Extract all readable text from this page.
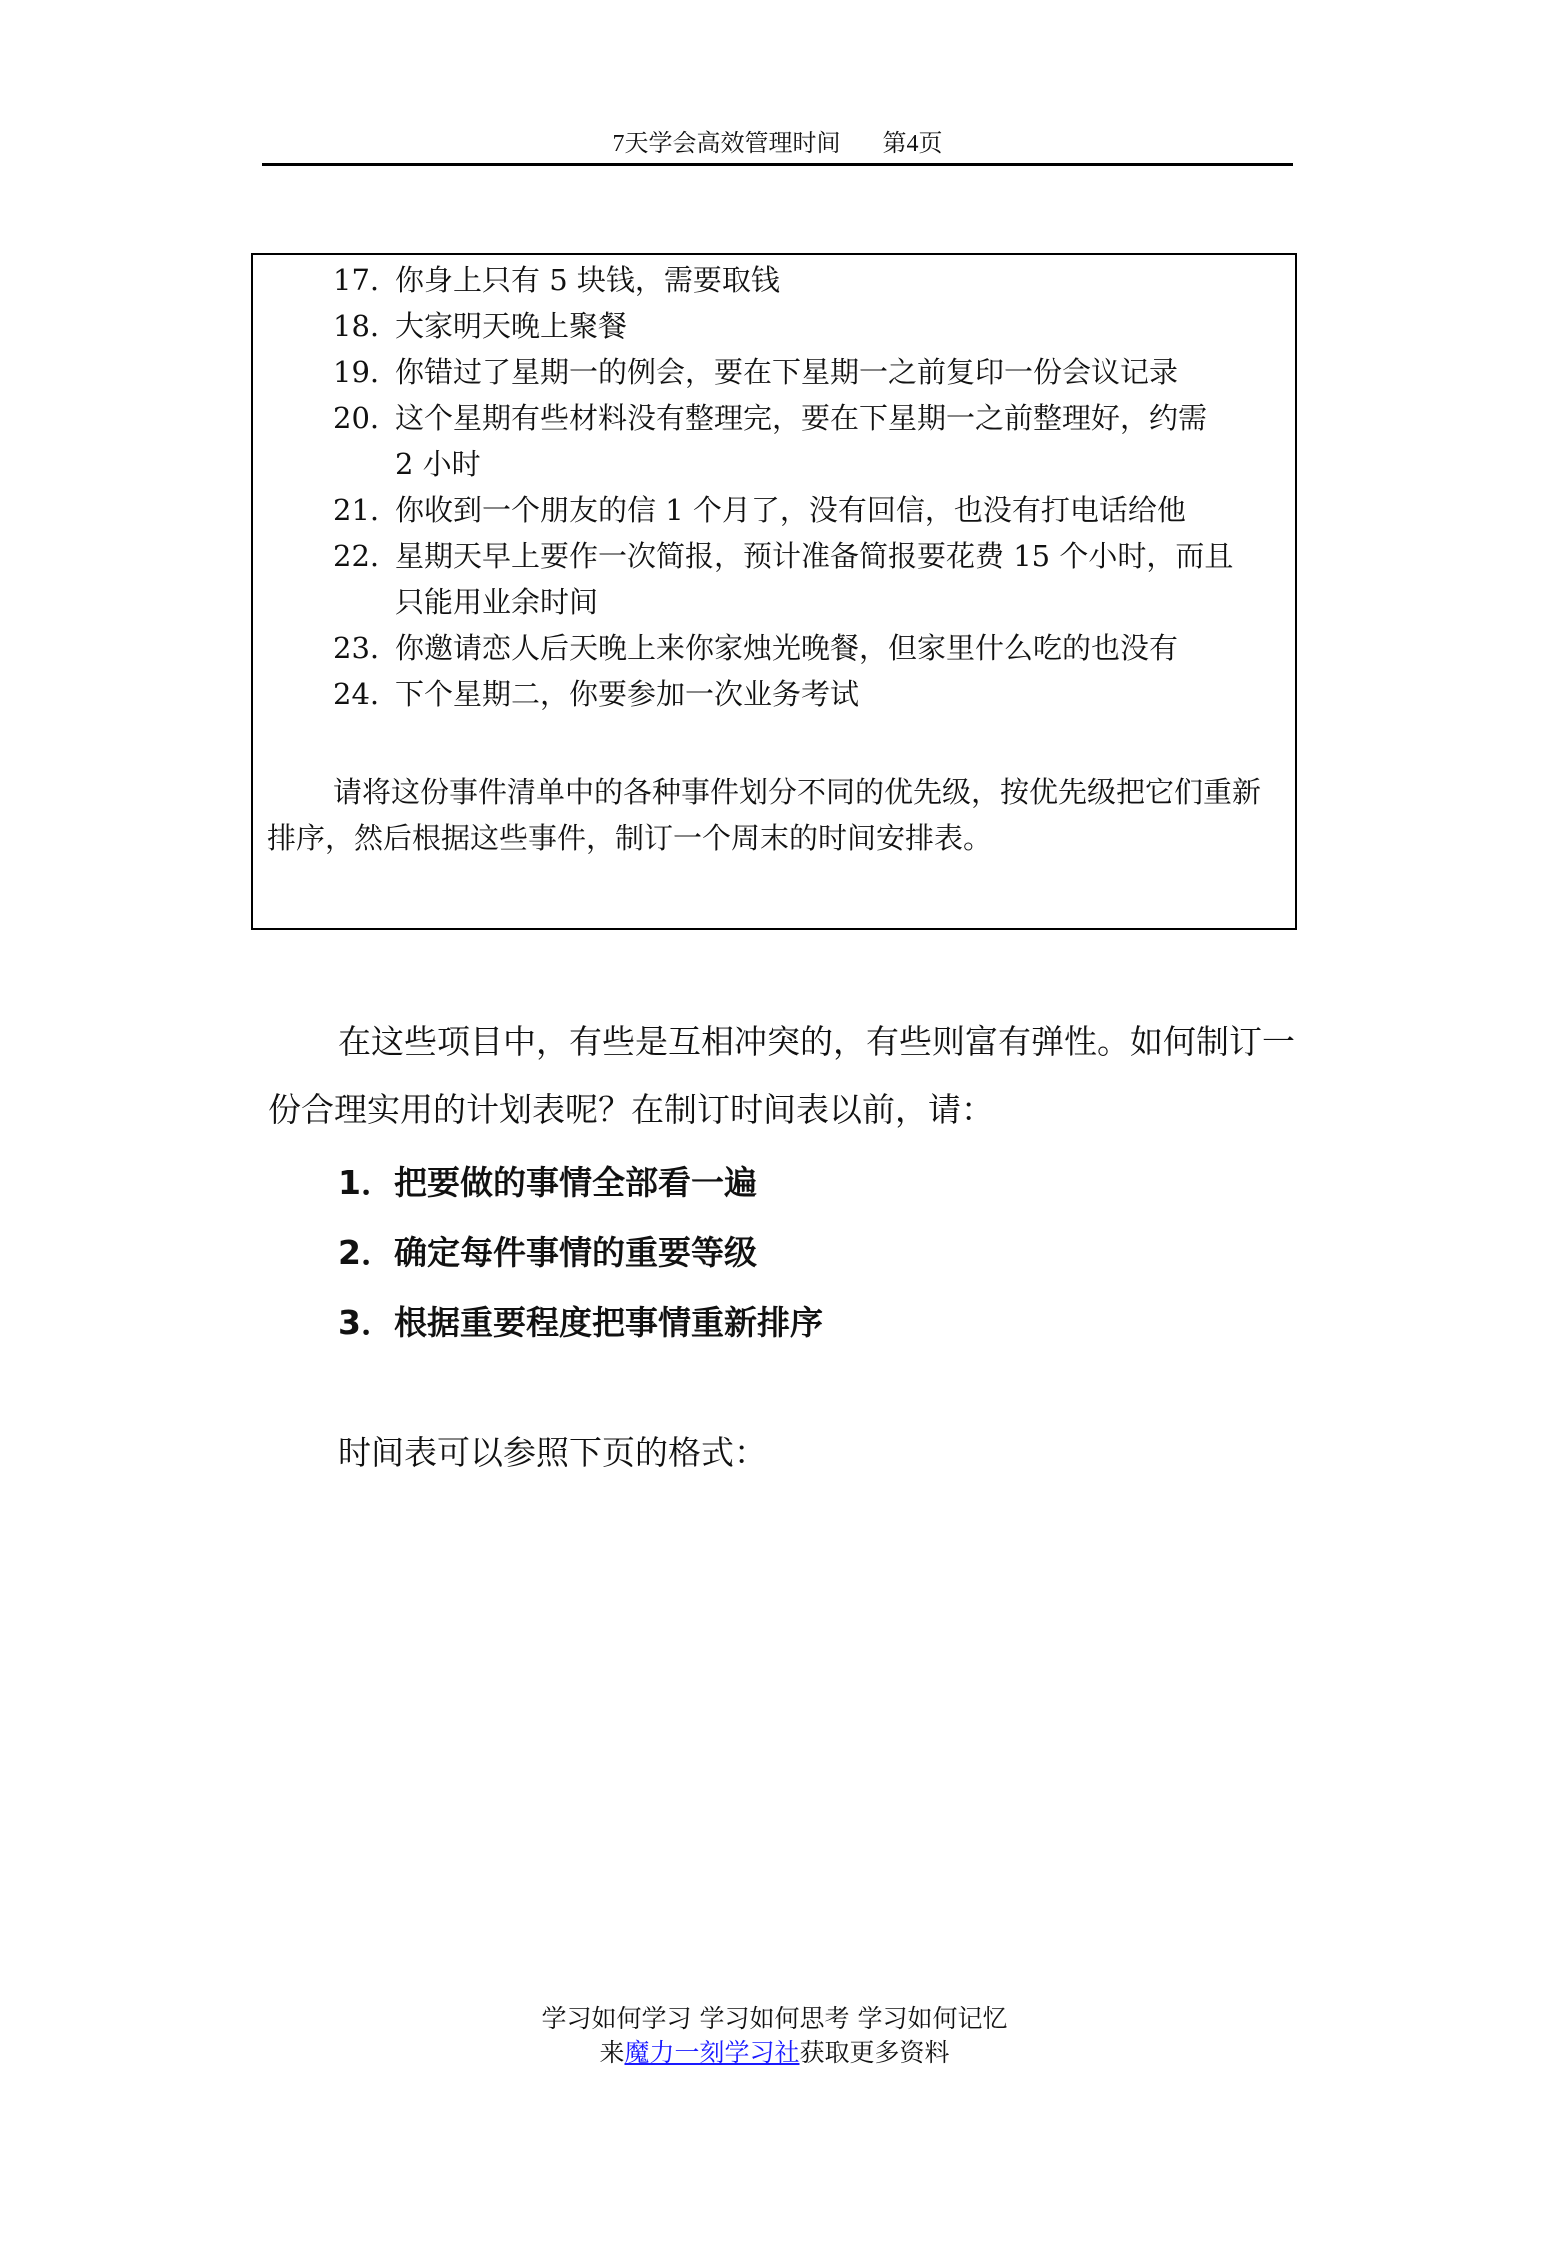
7天学会高效管理时间 第4页
17. 你身上只有 5 块钱，需要取钱
18. 大家明天晚上聚餐
19. 你错过了星期一的例会，要在下星期一之前复印一份会议记录
20. 这个星期有些材料没有整理完，要在下星期一之前整理好，约需
2 小时
21. 你收到一个朋友的信 1 个月了，没有回信，也没有打电话给他
22. 星期天早上要作一次简报，预计准备简报要花费 15 个小时，而且
只能用业余时间
23. 你邀请恋人后天晚上来你家烛光晚餐，但家里什么吃的也没有
24. 下个星期二，你要参加一次业务考试
请将这份事件清单中的各种事件划分不同的优先级，按优先级把它们重新排序，然后根据这些事件，制订一个周末的时间安排表。
在这些项目中，有些是互相冲突的，有些则富有弹性。如何制订一份合理实用的计划表呢？在制订时间表以前，请：
1．把要做的事情全部看一遍
2．确定每件事情的重要等级
3．根据重要程度把事情重新排序
时间表可以参照下页的格式：
学习如何学习 学习如何思考 学习如何记忆
来魔力一刻学习社获取更多资料
